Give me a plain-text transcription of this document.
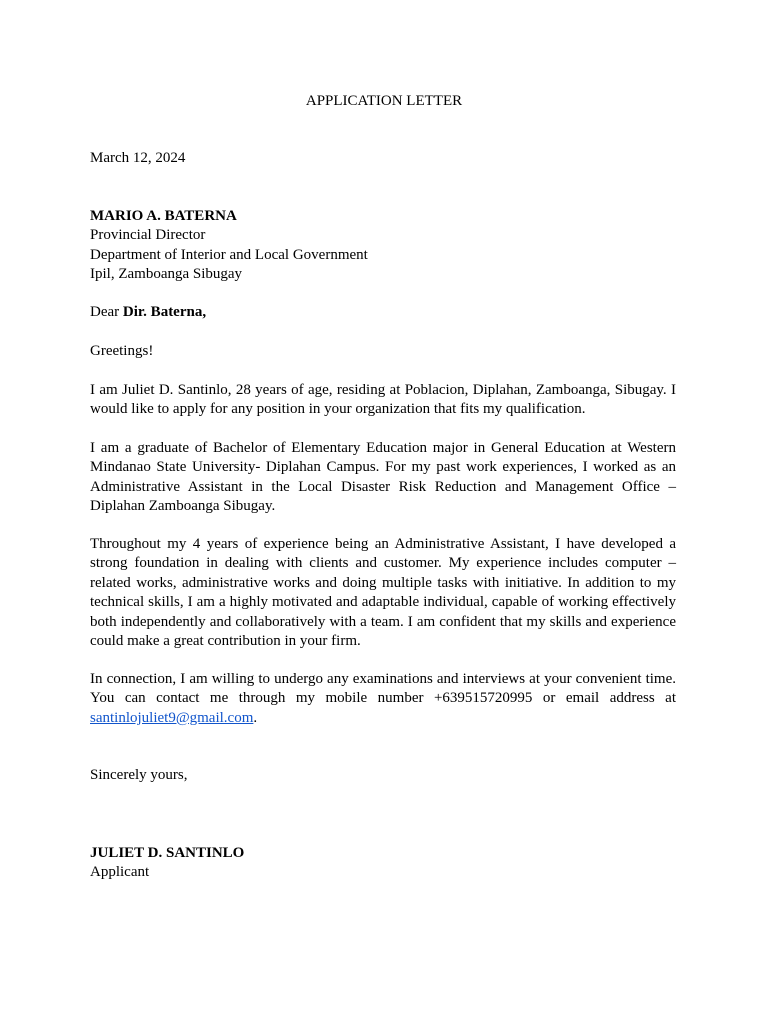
APPLICATION LETTER

March 12, 2024

MARIO A. BATERNA
Provincial Director
Department of Interior and Local Government
Ipil, Zamboanga Sibugay

Dear Dir. Baterna,

Greetings!

I am Juliet D. Santinlo, 28 years of age, residing at Poblacion, Diplahan, Zamboanga, Sibugay. I would like to apply for any position in your organization that fits my qualification.

I am a graduate of Bachelor of Elementary Education major in General Education at Western Mindanao State University- Diplahan Campus. For my past work experiences, I worked as an Administrative Assistant in the Local Disaster Risk Reduction and Management Office – Diplahan Zamboanga Sibugay.

Throughout my 4 years of experience being an Administrative Assistant, I have developed a strong foundation in dealing with clients and customer. My experience includes computer – related works, administrative works and doing multiple tasks with initiative. In addition to my technical skills, I am a highly motivated and adaptable individual, capable of working effectively both independently and collaboratively with a team. I am confident that my skills and experience could make a great contribution in your firm.

In connection, I am willing to undergo any examinations and interviews at your convenient time. You can contact me through my mobile number +639515720995 or email address at santinlojuliet9@gmail.com.

Sincerely yours,

JULIET D. SANTINLO
Applicant
